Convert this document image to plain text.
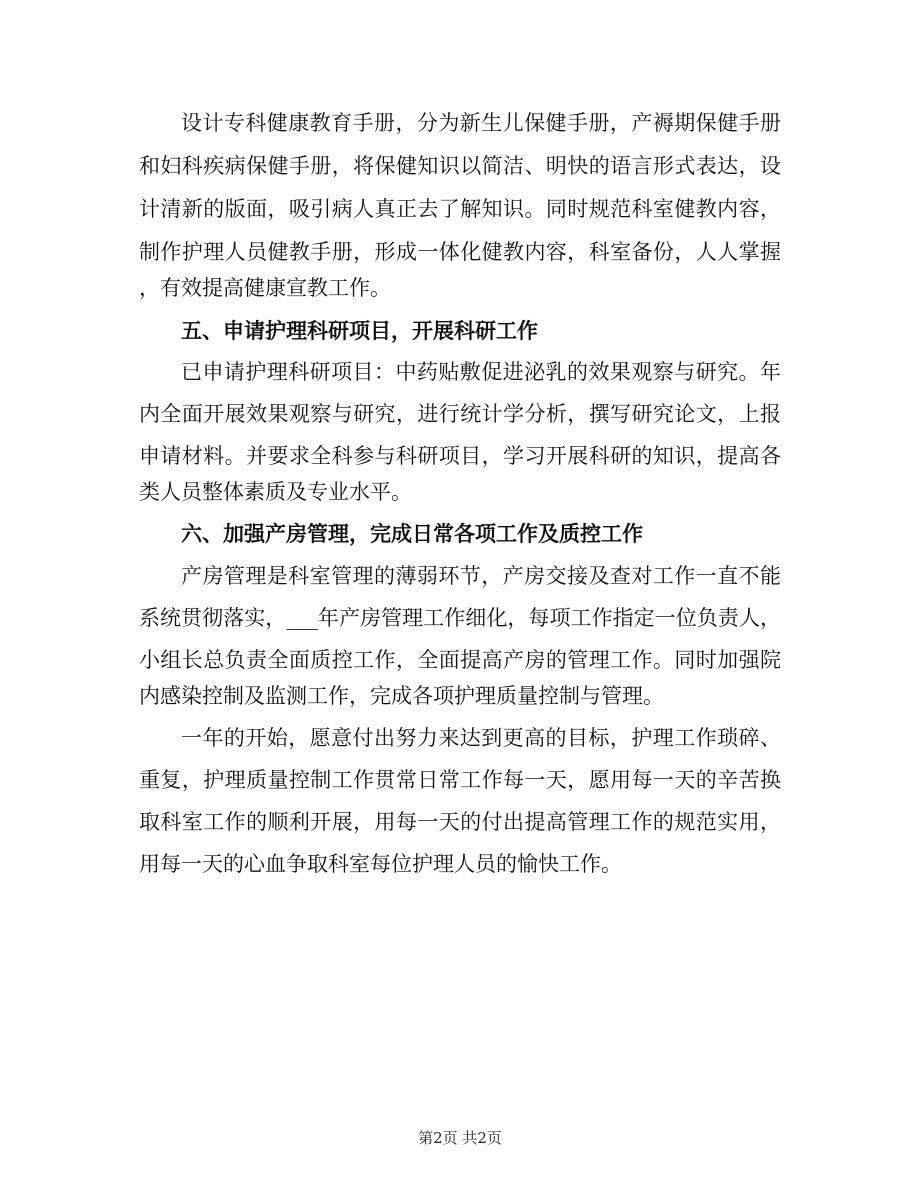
设计专科健康教育手册，分为新生儿保健手册，产褥期保健手册
和妇科疾病保健手册，将保健知识以简洁、明快的语言形式表达，设
计清新的版面，吸引病人真正去了解知识。同时规范科室健教内容，
制作护理人员健教手册，形成一体化健教内容，科室备份，人人掌握
，有效提高健康宣教工作。
五、申请护理科研项目，开展科研工作
已申请护理科研项目：中药贴敷促进泌乳的效果观察与研究。年
内全面开展效果观察与研究，进行统计学分析，撰写研究论文，上报
申请材料。并要求全科参与科研项目，学习开展科研的知识，提高各
类人员整体素质及专业水平。
六、加强产房管理，完成日常各项工作及质控工作
产房管理是科室管理的薄弱环节，产房交接及查对工作一直不能
系统贯彻落实，___年产房管理工作细化，每项工作指定一位负责人，
小组长总负责全面质控工作，全面提高产房的管理工作。同时加强院
内感染控制及监测工作，完成各项护理质量控制与管理。
一年的开始，愿意付出努力来达到更高的目标，护理工作琐碎、
重复，护理质量控制工作贯常日常工作每一天，愿用每一天的辛苦换
取科室工作的顺利开展，用每一天的付出提高管理工作的规范实用，
用每一天的心血争取科室每位护理人员的愉快工作。
第2页 共2页
